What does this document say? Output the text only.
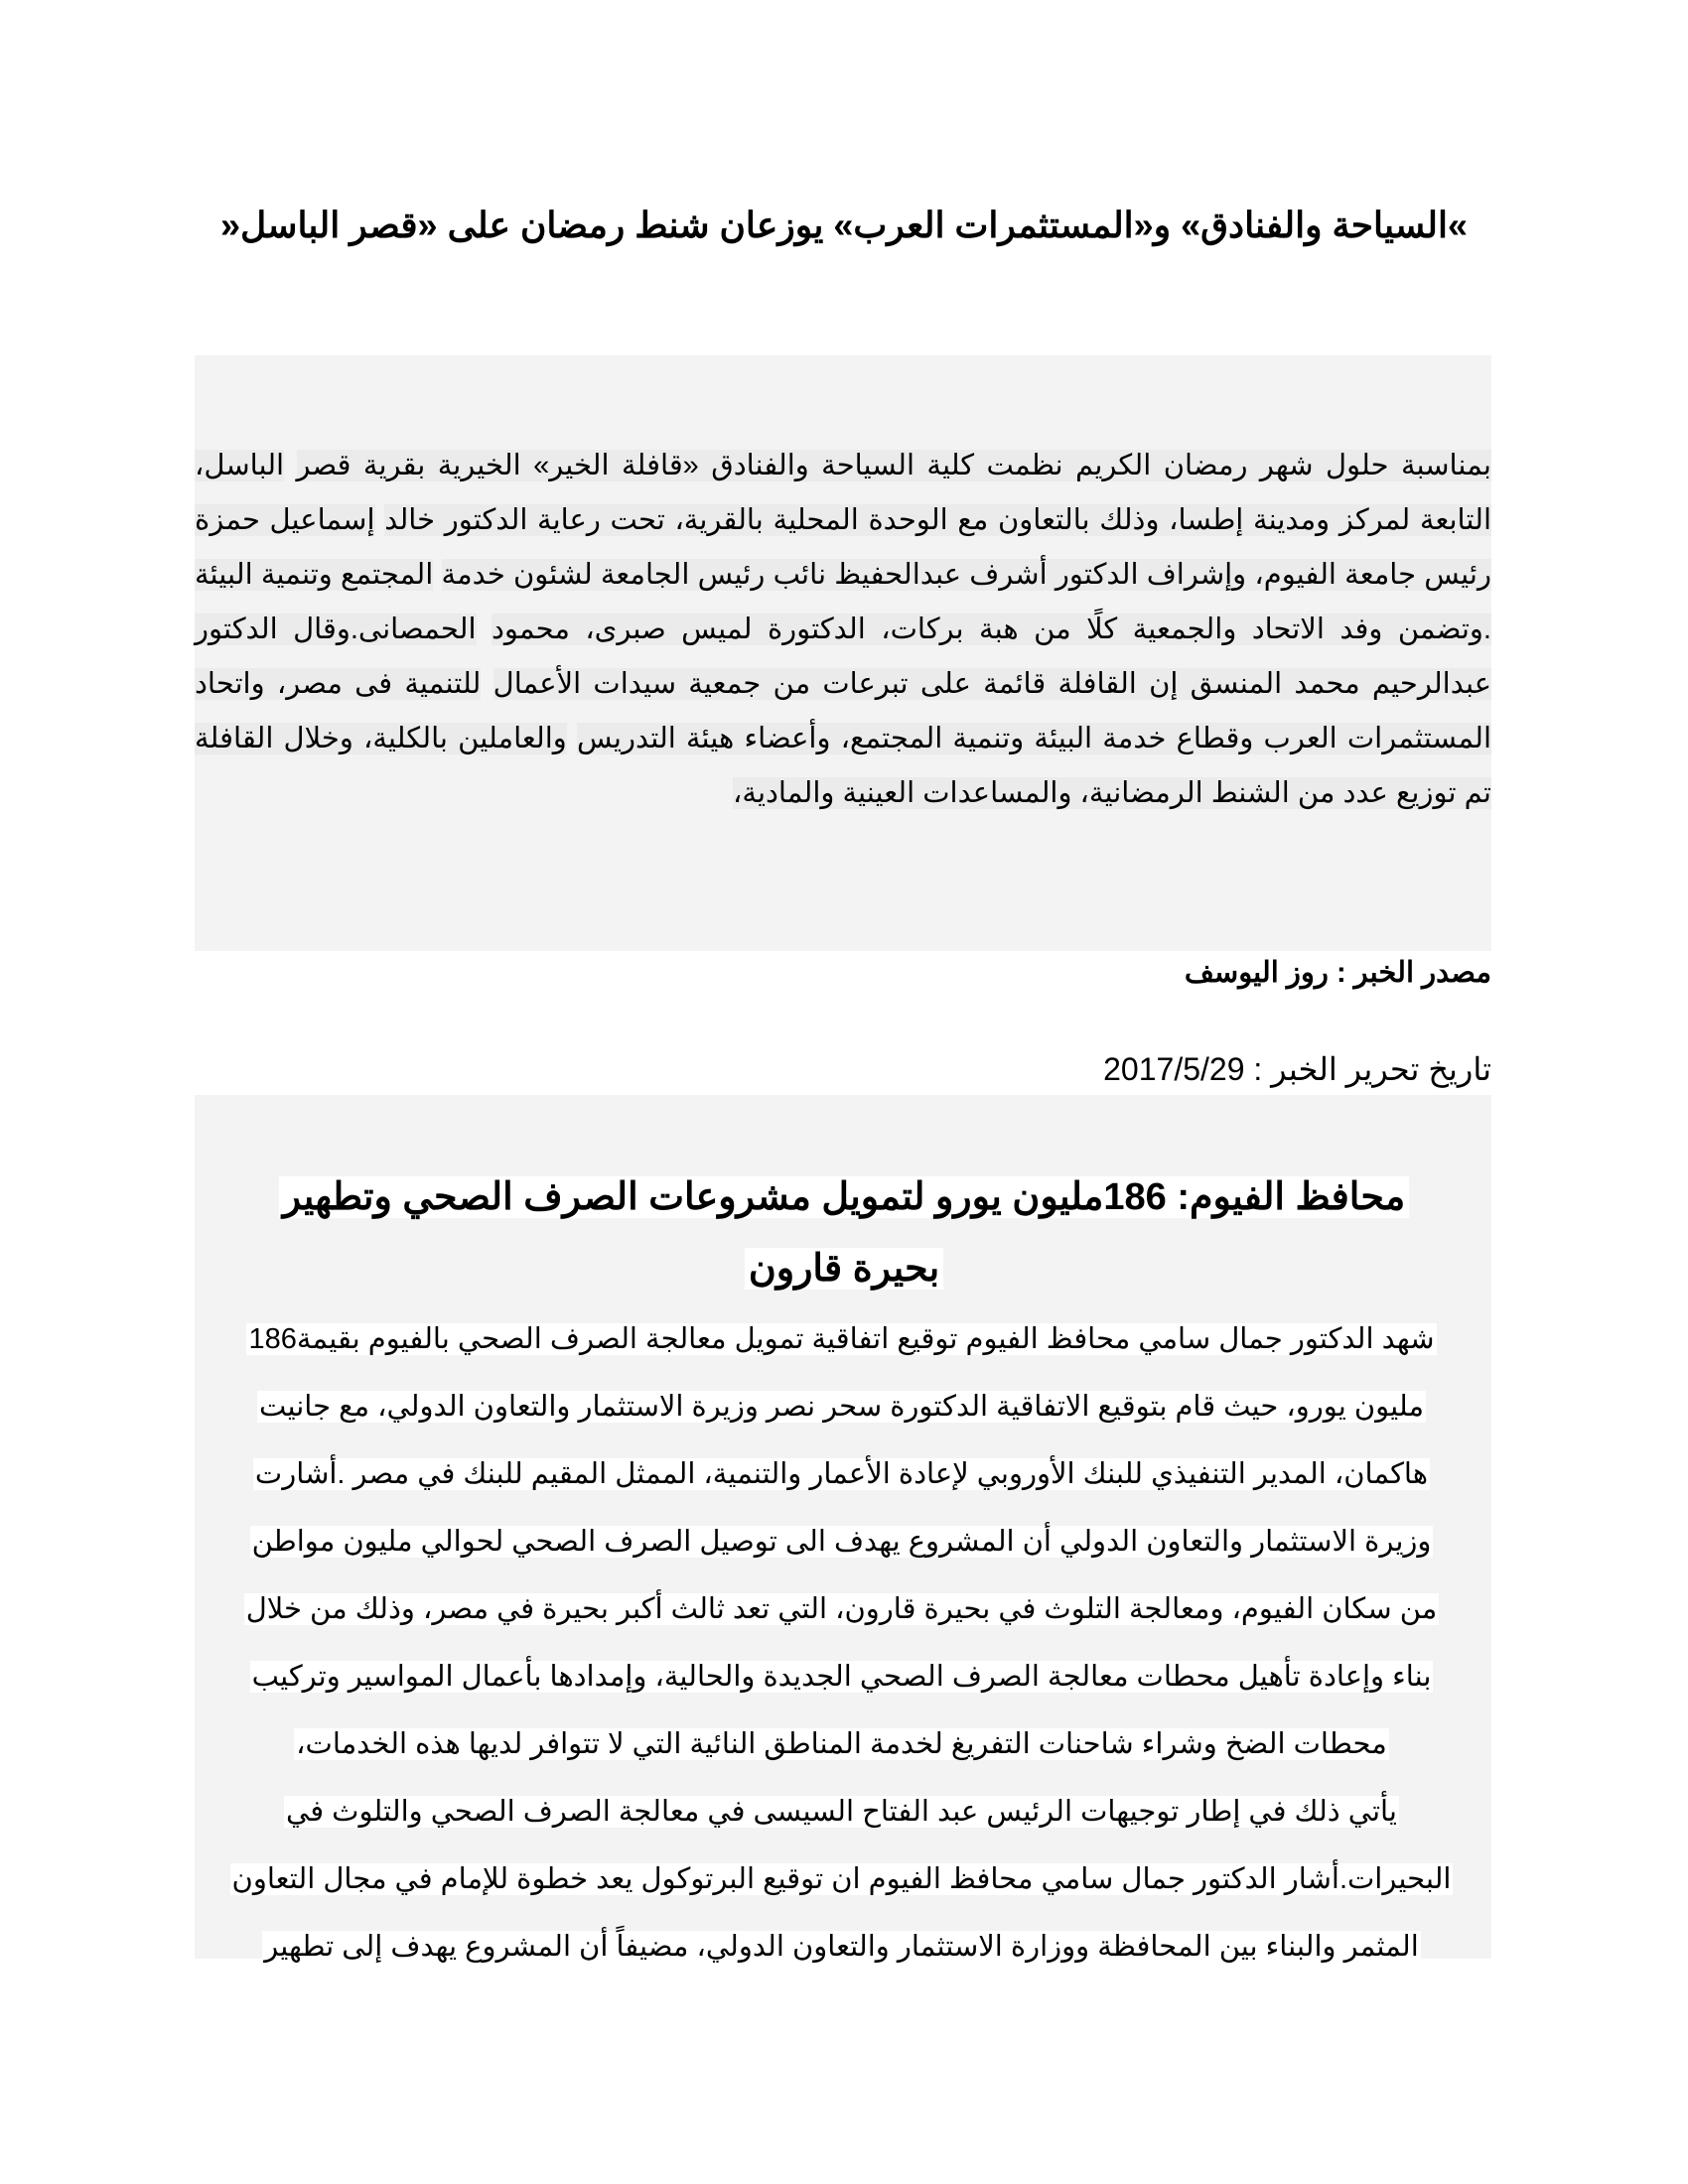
»السياحة والفنادق» و«المستثمرات العرب» يوزعان شنط رمضان على «قصر الباسل«
بمناسبة حلول شهر رمضان الكريم نظمت كلية السياحة والفنادق «قافلة الخير» الخيرية بقرية قصر الباسل، التابعة لمركز ومدينة إطسا، وذلك بالتعاون مع الوحدة المحلية بالقرية، تحت رعاية الدكتور خالد إسماعيل حمزة رئيس جامعة الفيوم، وإشراف الدكتور أشرف عبدالحفيظ نائب رئيس الجامعة لشئون خدمة المجتمع وتنمية البيئة .وتضمن وفد الاتحاد والجمعية كلًا من هبة بركات، الدكتورة لميس صبرى، محمود الحمصانى.وقال الدكتور عبدالرحيم محمد المنسق إن القافلة قائمة على تبرعات من جمعية سيدات الأعمال للتنمية فى مصر، واتحاد المستثمرات العرب وقطاع خدمة البيئة وتنمية المجتمع، وأعضاء هيئة التدريس والعاملين بالكلية، وخلال القافلة تم توزيع عدد من الشنط الرمضانية، والمساعدات العينية والمادية،
مصدر الخبر : روز اليوسف
تاريخ تحرير الخبر : 2017/5/29
محافظ الفيوم: 186مليون يورو لتمويل مشروعات الصرف الصحي وتطهير
بحيرة قارون
شهد الدكتور جمال سامي محافظ الفيوم توقيع اتفاقية تمويل معالجة الصرف الصحي بالفيوم بقيمة186
مليون يورو، حيث قام بتوقيع الاتفاقية الدكتورة سحر نصر وزيرة الاستثمار والتعاون الدولي، مع جانيت
هاكمان، المدير التنفيذي للبنك الأوروبي لإعادة الأعمار والتنمية، الممثل المقيم للبنك في مصر .أشارت
وزيرة الاستثمار والتعاون الدولي أن المشروع يهدف الى توصيل الصرف الصحي لحوالي مليون مواطن
من سكان الفيوم، ومعالجة التلوث في بحيرة قارون، التي تعد ثالث أكبر بحيرة في مصر، وذلك من خلال
بناء وإعادة تأهيل محطات معالجة الصرف الصحي الجديدة والحالية، وإمدادها بأعمال المواسير وتركيب
محطات الضخ وشراء شاحنات التفريغ لخدمة المناطق النائية التي لا تتوافر لديها هذه الخدمات،
يأتي ذلك في إطار توجيهات الرئيس عبد الفتاح السيسى في معالجة الصرف الصحي والتلوث في
البحيرات.أشار الدكتور جمال سامي محافظ الفيوم ان توقيع البرتوكول يعد خطوة للإمام في مجال التعاون
المثمر والبناء بين المحافظة ووزارة الاستثمار والتعاون الدولي، مضيفاً أن المشروع يهدف إلى تطهير
